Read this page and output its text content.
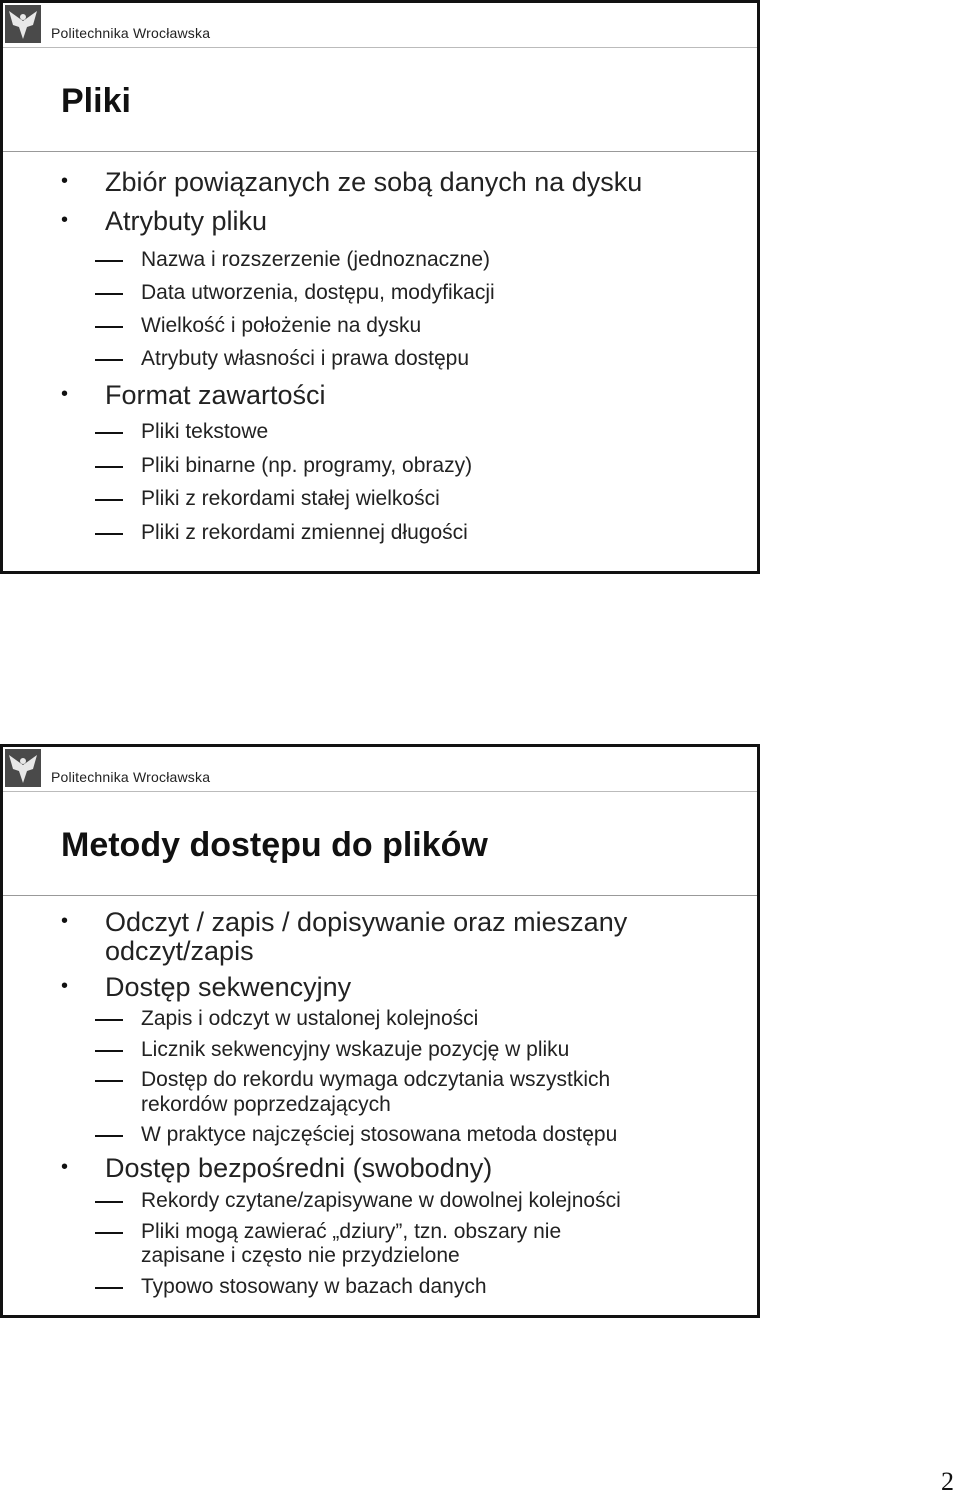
Politechnika Wrocławska
Pliki
• Zbiór powiązanych ze sobą danych na dysku
• Atrybuty pliku
Nazwa i rozszerzenie (jednoznaczne)
Data utworzenia, dostępu, modyfikacji
Wielkość i położenie na dysku
Atrybuty własności i prawa dostępu
• Format zawartości
Pliki tekstowe
Pliki binarne (np. programy, obrazy)
Pliki z rekordami stałej wielkości
Pliki z rekordami zmiennej długości
Politechnika Wrocławska
Metody dostępu do plików
• Odczyt / zapis / dopisywanie oraz mieszany
odczyt/zapis
• Dostęp sekwencyjny
Zapis i odczyt w ustalonej kolejności
Licznik sekwencyjny wskazuje pozycję w pliku
Dostęp do rekordu wymaga odczytania wszystkich
rekordów poprzedzających
W praktyce najczęściej stosowana metoda dostępu
• Dostęp bezpośredni (swobodny)
Rekordy czytane/zapisywane w dowolnej kolejności
Pliki mogą zawierać „dziury”, tzn. obszary nie
zapisane i często nie przydzielone
Typowo stosowany w bazach danych
2
